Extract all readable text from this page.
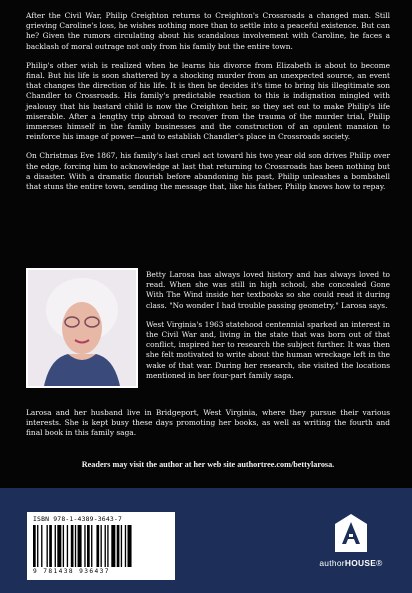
After the Civil War, Philip Creighton returns to Creighton's Crossroads a changed man. Still grieving Caroline's loss, he wishes nothing more than to settle into a peaceful existence. But can he? Given the rumors circulating about his scandalous involvement with Caroline, he faces a backlash of moral outrage not only from his family but the entire town.

Philip's other wish is realized when he learns his divorce from Elizabeth is about to become final. But his life is soon shattered by a shocking murder from an unexpected source, an event that changes the direction of his life. It is then he decides it's time to bring his illegitimate son Chandler to Crossroads. His family's predictable reaction to this is indignation mingled with jealousy that his bastard child is now the Creighton heir, so they set out to make Philip's life miserable. After a lengthy trip abroad to recover from the trauma of the murder trial, Philip immerses himself in the family businesses and the construction of an opulent mansion to reinforce his image of power—and to establish Chandler's place in Crossroads society.

On Christmas Eve 1867, his family's last cruel act toward his two year old son drives Philip over the edge, forcing him to acknowledge at last that returning to Crossroads has been nothing but a disaster. With a dramatic flourish before abandoning his past, Philip unleashes a bombshell that stuns the entire town, sending the message that, like his father, Philip knows how to repay.

Betty Larosa has always loved history and has always loved to read. When she was still in high school, she concealed Gone With The Wind inside her textbooks so she could read it during class. "No wonder I had trouble passing geometry," Larosa says.

West Virginia's 1963 statehood centennial sparked an interest in the Civil War and, living in the state that was born out of that conflict, inspired her to research the subject further. It was then she felt motivated to write about the human wreckage left in the wake of that war. During her research, she visited the locations mentioned in her four-part family saga.

Larosa and her husband live in Bridgeport, West Virginia, where they pursue their various interests. She is kept busy these days promoting her books, as well as writing the fourth and final book in this family saga.
Readers may visit the author at her web site authortree.com/bettylarosa.
ISBN 978-1-4389-3643-7
9 781438 936437
authorHOUSE®
